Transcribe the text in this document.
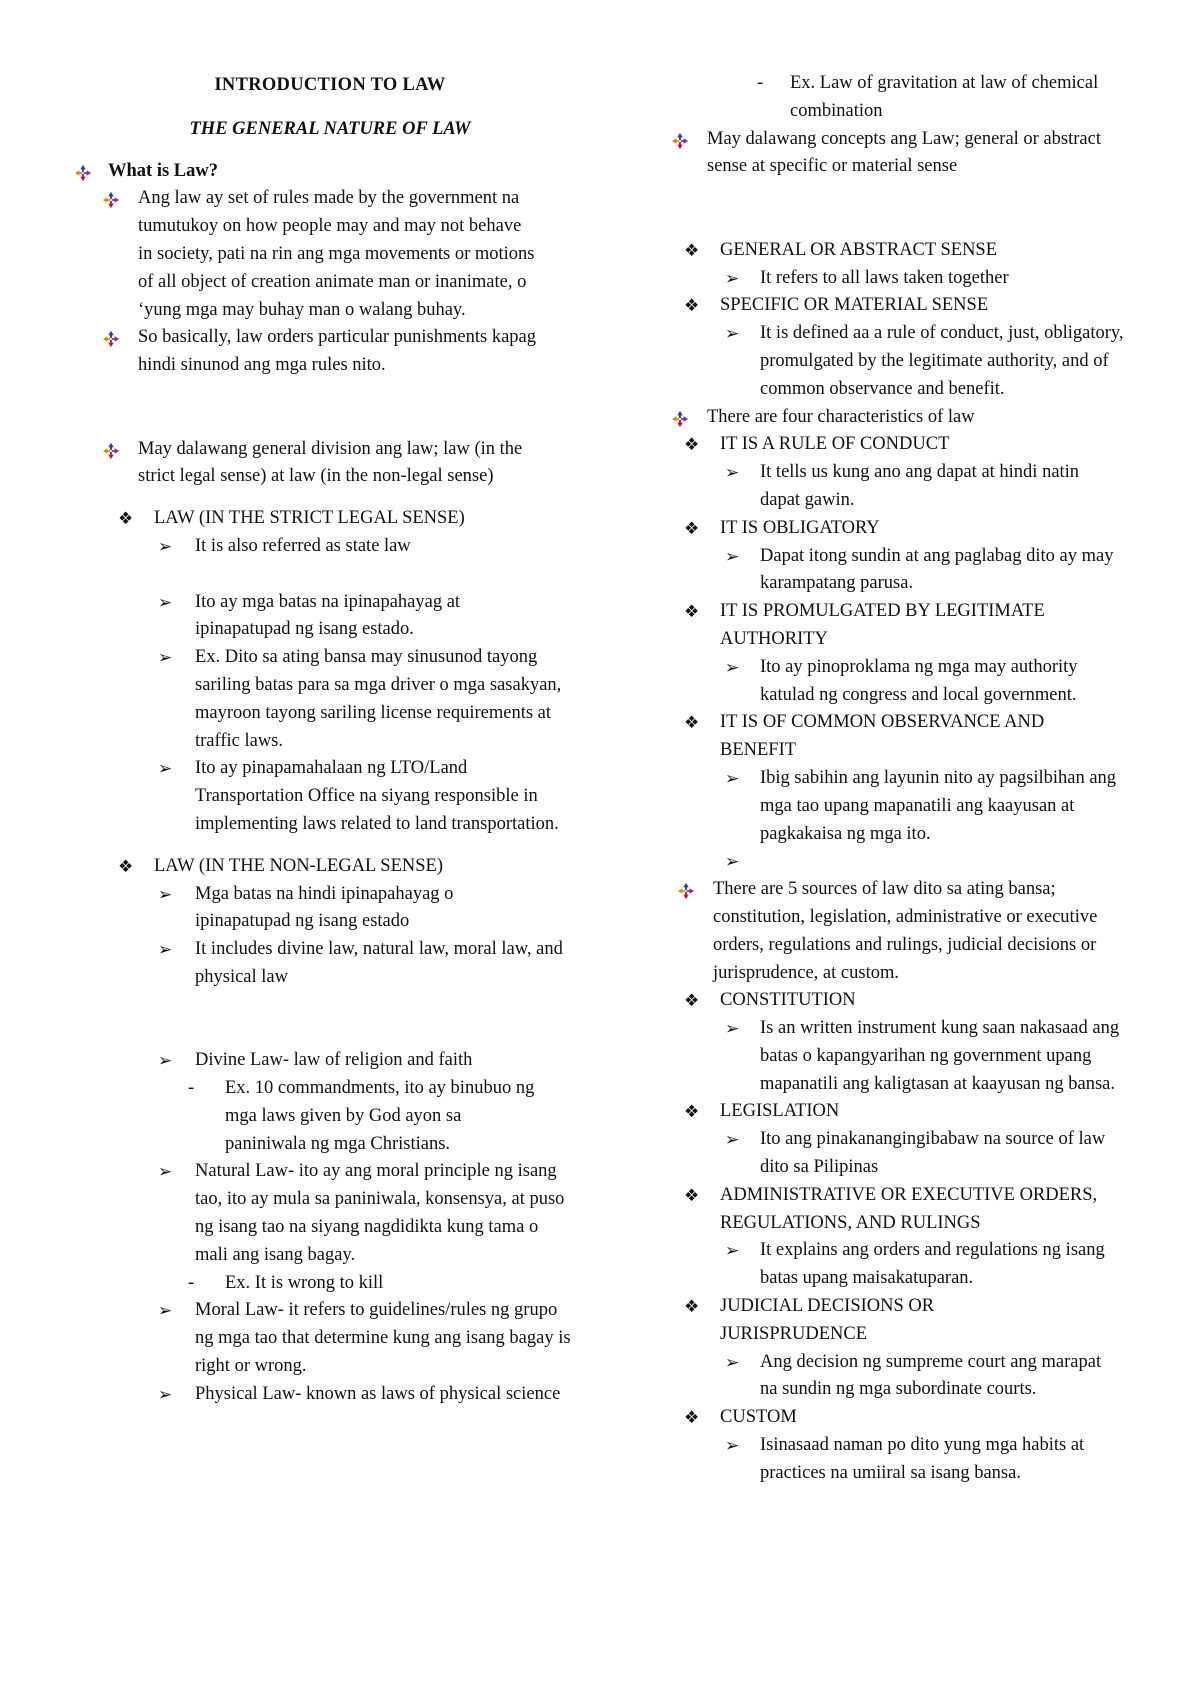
INTRODUCTION TO LAW
THE GENERAL NATURE OF LAW
What is Law?
Ang law ay set of rules made by the government na tumutukoy on how people may and may not behave in society, pati na rin ang mga movements or motions of all object of creation animate man or inanimate, o ‘yung mga may buhay man o walang buhay.
So basically, law orders particular punishments kapag hindi sinunod ang mga rules nito.
May dalawang general division ang law; law (in the strict legal sense) at law (in the non-legal sense)
❖ LAW (IN THE STRICT LEGAL SENSE)
➢ It is also referred as state law
➢ Ito ay mga batas na ipinapahayag at ipinapatupad ng isang estado.
➢ Ex. Dito sa ating bansa may sinusunod tayong sariling batas para sa mga driver o mga sasakyan, mayroon tayong sariling license requirements at traffic laws.
➢ Ito ay pinapamahalaan ng LTO/Land Transportation Office na siyang responsible in implementing laws related to land transportation.
❖ LAW (IN THE NON-LEGAL SENSE)
➢ Mga batas na hindi ipinapahayag o ipinapatupad ng isang estado
➢ It includes divine law, natural law, moral law, and physical law
➢ Divine Law- law of religion and faith
- Ex. 10 commandments, ito ay binubuo ng mga laws given by God ayon sa paniniwala ng mga Christians.
➢ Natural Law- ito ay ang moral principle ng isang tao, ito ay mula sa paniniwala, konsensya, at puso ng isang tao na siyang nagdidikta kung tama o mali ang isang bagay.
- Ex. It is wrong to kill
➢ Moral Law- it refers to guidelines/rules ng grupo ng mga tao that determine kung ang isang bagay is right or wrong.
➢ Physical Law- known as laws of physical science
- Ex. Law of gravitation at law of chemical combination
May dalawang concepts ang Law; general or abstract sense at specific or material sense
❖ GENERAL OR ABSTRACT SENSE
➢ It refers to all laws taken together
❖ SPECIFIC OR MATERIAL SENSE
➢ It is defined aa a rule of conduct, just, obligatory, promulgated by the legitimate authority, and of common observance and benefit.
There are four characteristics of law
❖ IT IS A RULE OF CONDUCT
➢ It tells us kung ano ang dapat at hindi natin dapat gawin.
❖ IT IS OBLIGATORY
➢ Dapat itong sundin at ang paglabag dito ay may karampatang parusa.
❖ IT IS PROMULGATED BY LEGITIMATE AUTHORITY
➢ Ito ay pinoproklama ng mga may authority katulad ng congress and local government.
❖ IT IS OF COMMON OBSERVANCE AND BENEFIT
➢ Ibig sabihin ang layunin nito ay pagsilbihan ang mga tao upang mapanatili ang kaayusan at pagkakaisa ng mga ito.
➢
There are 5 sources of law dito sa ating bansa; constitution, legislation, administrative or executive orders, regulations and rulings, judicial decisions or jurisprudence, at custom.
❖ CONSTITUTION
➢ Is an written instrument kung saan nakasaad ang batas o kapangyarihan ng government upang mapanatili ang kaligtasan at kaayusan ng bansa.
❖ LEGISLATION
➢ Ito ang pinakanangingibabaw na source of law dito sa Pilipinas
❖ ADMINISTRATIVE OR EXECUTIVE ORDERS, REGULATIONS, AND RULINGS
➢ It explains ang orders and regulations ng isang batas upang maisakatuparan.
❖ JUDICIAL DECISIONS OR JURISPRUDENCE
➢ Ang decision ng sumpreme court ang marapat na sundin ng mga subordinate courts.
❖ CUSTOM
➢ Isinasaad naman po dito yung mga habits at practices na umiiral sa isang bansa.
